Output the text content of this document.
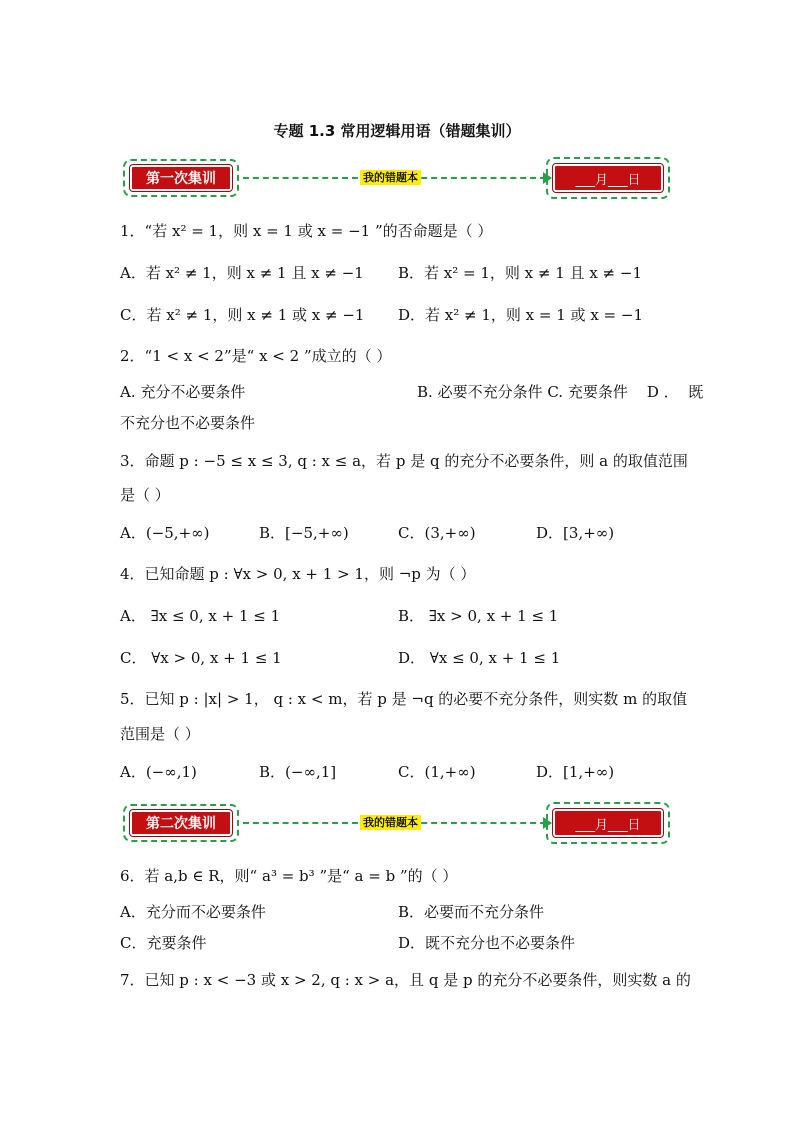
专题 1.3 常用逻辑用语（错题集训）
第一次集训	我的错题本	___月___日
1．“若 x² = 1，则 x = 1 或 x = −1 ”的否命题是（ ）
A．若 x² ≠ 1，则 x ≠ 1 且 x ≠ −1 B．若 x² = 1，则 x ≠ 1 且 x ≠ −1
C．若 x² ≠ 1，则 x ≠ 1 或 x ≠ −1 D．若 x² ≠ 1，则 x = 1 或 x = −1
2．“1 < x < 2”是“ x < 2 ”成立的（ ）
A. 充分不必要条件                                    B. 必要不充分条件 C. 充要条件    D ．  既
不充分也不必要条件
3．命题 p : −5 ≤ x ≤ 3, q : x ≤ a，若 p 是 q 的充分不必要条件，则 a 的取值范围
是（ ）
A．(−5,+∞)	B．[−5,+∞)	C．(3,+∞)	D．[3,+∞)
4．已知命题 p : ∀x > 0, x + 1 > 1，则 ¬p 为（ ）
A． ∃x ≤ 0, x + 1 ≤ 1	B． ∃x > 0, x + 1 ≤ 1
C． ∀x > 0, x + 1 ≤ 1	D． ∀x ≤ 0, x + 1 ≤ 1
5．已知 p : |x| > 1， q : x < m，若 p 是 ¬q 的必要不充分条件，则实数 m 的取值
范围是（ ）
A．(−∞,1)	B．(−∞,1]	C．(1,+∞)	D．[1,+∞)
第二次集训	我的错题本	___月___日
6．若 a,b ∈ R，则“ a³ = b³ ”是“ a = b ”的（ ）
A．充分而不必要条件	B．必要而不充分条件
C．充要条件	D．既不充分也不必要条件
7．已知 p : x < −3 或 x > 2, q : x > a，且 q 是 p 的充分不必要条件，则实数 a 的
